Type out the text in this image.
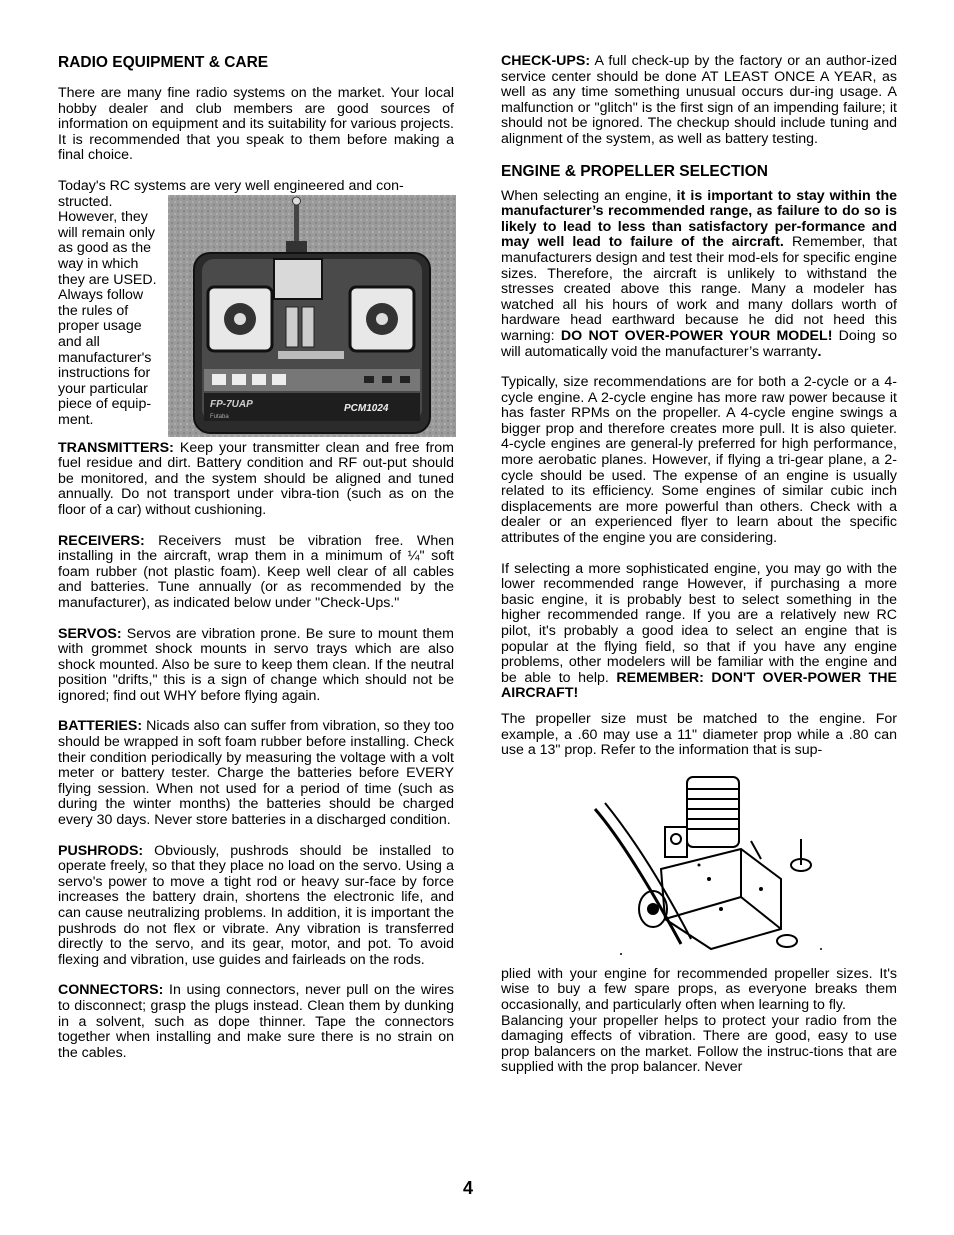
RADIO EQUIPMENT & CARE

There are many fine radio systems on the market. Your local hobby dealer and club members are good sources of information on equipment and its suitability for various projects. It is recommended that you speak to them before making a final choice.

Today's RC systems are very well engineered and con-
FP-7UAP	PCM1024
Futaba
structed. However, they will remain only as good as the way in which they are USED. Always follow the rules of proper usage and all manufacturer's instructions for your particular piece of equip-ment.

TRANSMITTERS: Keep your transmitter clean and free from fuel residue and dirt. Battery condition and RF out-put should be monitored, and the system should be aligned and tuned annually. Do not transport under vibra-tion (such as on the floor of a car) without cushioning.

RECEIVERS: Receivers must be vibration free. When installing in the aircraft, wrap them in a minimum of ¼" soft foam rubber (not plastic foam). Keep well clear of all cables and batteries. Tune annually (or as recommended by the manufacturer), as indicated below under "Check-Ups."

SERVOS: Servos are vibration prone. Be sure to mount them with grommet shock mounts in servo trays which are also shock mounted. Also be sure to keep them clean. If the neutral position "drifts," this is a sign of change which should not be ignored; find out WHY before flying again.

BATTERIES: Nicads also can suffer from vibration, so they too should be wrapped in soft foam rubber before installing. Check their condition periodically by measuring the voltage with a volt meter or battery tester. Charge the batteries before EVERY flying session. When not used for a period of time (such as during the winter months) the batteries should be charged every 30 days. Never store batteries in a discharged condition.

PUSHRODS: Obviously, pushrods should be installed to operate freely, so that they place no load on the servo. Using a servo's power to move a tight rod or heavy sur-face by force increases the battery drain, shortens the electronic life, and can cause neutralizing problems. In addition, it is important the pushrods do not flex or vibrate. Any vibration is transferred directly to the servo, and its gear, motor, and pot. To avoid flexing and vibration, use guides and fairleads on the rods.

CONNECTORS: In using connectors, never pull on the wires to disconnect; grasp the plugs instead. Clean them by dunking in a solvent, such as dope thinner. Tape the connectors together when installing and make sure there is no strain on the cables.

CHECK-UPS: A full check-up by the factory or an author-ized service center should be done AT LEAST ONCE A YEAR, as well as any time something unusual occurs dur-ing usage. A malfunction or "glitch" is the first sign of an impending failure; it should not be ignored. The checkup should include tuning and alignment of the system, as well as battery testing.

ENGINE & PROPELLER SELECTION

When selecting an engine, it is important to stay within the manufacturer’s recommended range, as failure to do so is likely to lead to less than satisfactory per-formance and may well lead to failure of the aircraft. Remember, that manufacturers design and test their mod-els for specific engine sizes. Therefore, the aircraft is unlikely to withstand the stresses created above this range. Many a modeler has watched all his hours of work and many dollars worth of hardware head earthward because he did not heed this warning: DO NOT OVER-POWER YOUR MODEL! Doing so will automatically void the manufacturer’s warranty.

Typically, size recommendations are for both a 2-cycle or a 4-cycle engine. A 2-cycle engine has more raw power because it has faster RPMs on the propeller. A 4-cycle engine swings a bigger prop and therefore creates more pull. It is also quieter. 4-cycle engines are general-ly preferred for high performance, more aerobatic planes. However, if flying a tri-gear plane, a 2-cycle should be used. The expense of an engine is usually related to its efficiency. Some engines of similar cubic inch displacements are more powerful than others. Check with a dealer or an experienced flyer to learn about the specific attributes of the engine you are considering.

If selecting a more sophisticated engine, you may go with the lower recommended range However, if purchasing a more basic engine, it is probably best to select something in the higher recommended range. If you are a relatively new RC pilot, it's probably a good idea to select an engine that is popular at the flying field, so that if you have any engine problems, other modelers will be familiar with the engine and be able to help. REMEMBER: DON'T OVER-POWER THE AIRCRAFT!

The propeller size must be matched to the engine. For example, a .60 may use a 11" diameter prop while a .80 can use a 13" prop. Refer to the information that is sup-

plied with your engine for recommended propeller sizes. It's wise to buy a few spare props, as everyone breaks them occasionally, and particularly often when learning to fly.

Balancing your propeller helps to protect your radio from the damaging effects of vibration. There are good, easy to use prop balancers on the market. Follow the instruc-tions that are supplied with the prop balancer. Never

4
